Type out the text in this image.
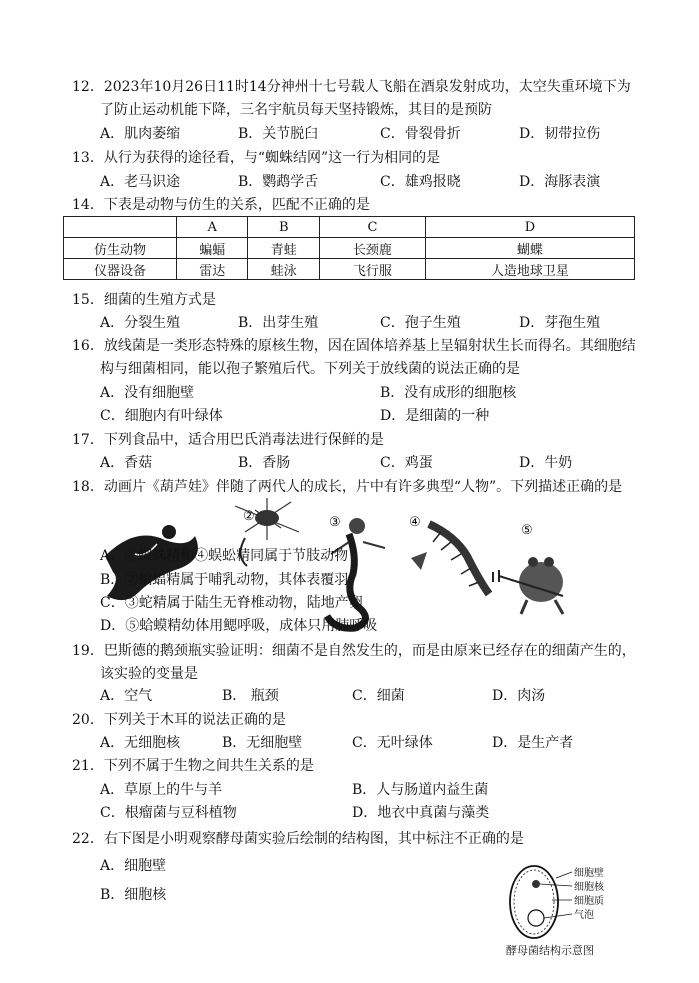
12．2023年10月26日11时14分神州十七号载人飞船在酒泉发射成功，太空失重环境下为
了防止运动机能下降，三名宇航员每天坚持锻炼，其目的是预防
A．肌肉萎缩	B．关节脱臼	C．骨裂骨折	D．韧带拉伤
13．从行为获得的途径看，与“蜘蛛结网”这一行为相同的是
A．老马识途	B．鹦鹉学舌	C．雄鸡报晓	D．海豚表演
14．下表是动物与仿生的关系，匹配不正确的是
	A	B	C	D
仿生动物	蝙蝠	青蛙	长颈鹿	蝴蝶
仪器设备	雷达	蛙泳	飞行服	人造地球卫星
15．细菌的生殖方式是
A．分裂生殖	B．出芽生殖	C．孢子生殖	D．芽孢生殖
16．放线菌是一类形态特殊的原核生物，因在固体培养基上呈辐射状生长而得名。其细胞结
构与细菌相同，能以孢子繁殖后代。下列关于放线菌的说法正确的是
A．没有细胞壁	B．没有成形的细胞核
C．细胞内有叶绿体	D．是细菌的一种
17．下列食品中，适合用巴氏消毒法进行保鲜的是
A．香菇	B．香肠	C．鸡蛋	D．牛奶
18．动画片《葫芦娃》伴随了两代人的成长，片中有许多典型“人物”。下列描述正确的是
②	③	④
⑤
A．①蜘蛛精和④蜈蚣精同属于节肢动物
B．②蝙蝠精属于哺乳动物，其体表覆羽
C．③蛇精属于陆生无脊椎动物，陆地产卵
D．⑤蛤蟆精幼体用鳃呼吸，成体只用肺呼吸
19．巴斯德的鹅颈瓶实验证明：细菌不是自然发生的，而是由原来已经存在的细菌产生的，
该实验的变量是
A．空气	B． 瓶颈	C．细菌	D．肉汤
20．下列关于木耳的说法正确的是
A．无细胞核	B．无细胞壁	C．无叶绿体	D．是生产者
21．下列不属于生物之间共生关系的是
A．草原上的牛与羊	B．人与肠道内益生菌
C．根瘤菌与豆科植物	D．地衣中真菌与藻类
22．右下图是小明观察酵母菌实验后绘制的结构图，其中标注不正确的是
A．细胞壁
B．细胞核
细胞壁
细胞核
细胞质
气泡
酵母菌结构示意图
